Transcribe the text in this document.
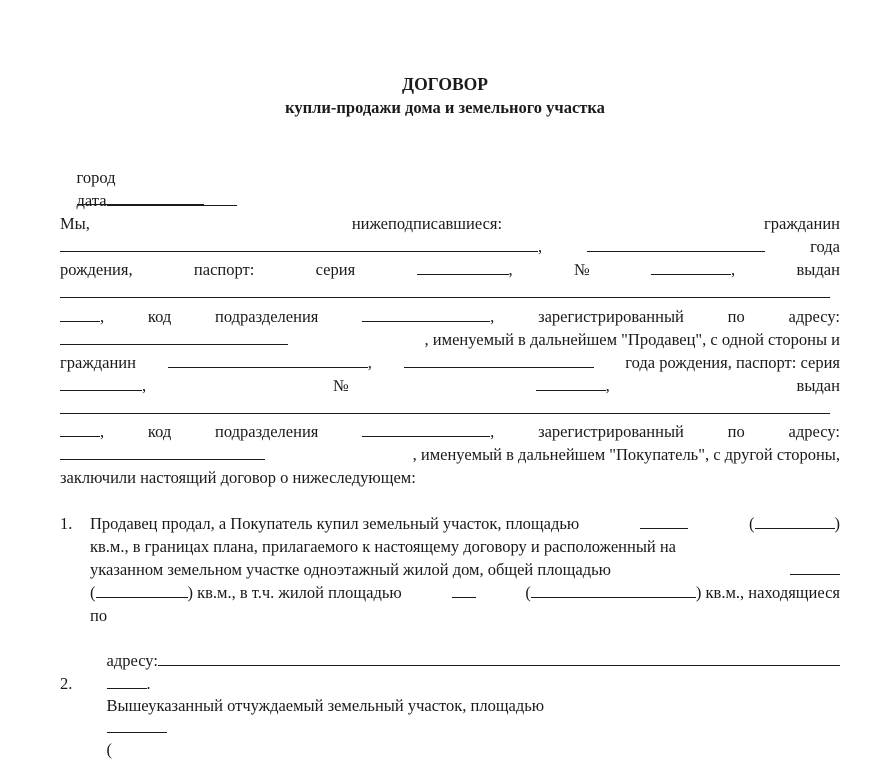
ДОГОВОР
купли-продажи дома и земельного участка

город

дата

Мы,	нижеподписавшиеся:	гражданин
,	года
рождения,	паспорт:	серия	,	№	,	выдан
,	код	подразделения	,	зарегистрированный	по	адресу:
, именуемый в дальнейшем "Продавец", с одной стороны и
гражданин	,	года рождения, паспорт: серия
,	№	,	выдан
,	код	подразделения	,	зарегистрированный	по	адресу:
, именуемый в дальнейшем "Покупатель", с другой стороны,
заключили настоящий договор о нижеследующем:
1. Продавец продал, а Покупатель купил земельный участок, площадью	(	)
кв.м., в границах плана, прилагаемого к настоящему договору и расположенный на
указанном земельном участке одноэтажный жилой дом, общей площадью
(	) кв.м., в т.ч. жилой площадью	(	) кв.м., находящиеся
по

адресу:

.

2.

Вышеуказанный отчуждаемый земельный участок, площадью

(
